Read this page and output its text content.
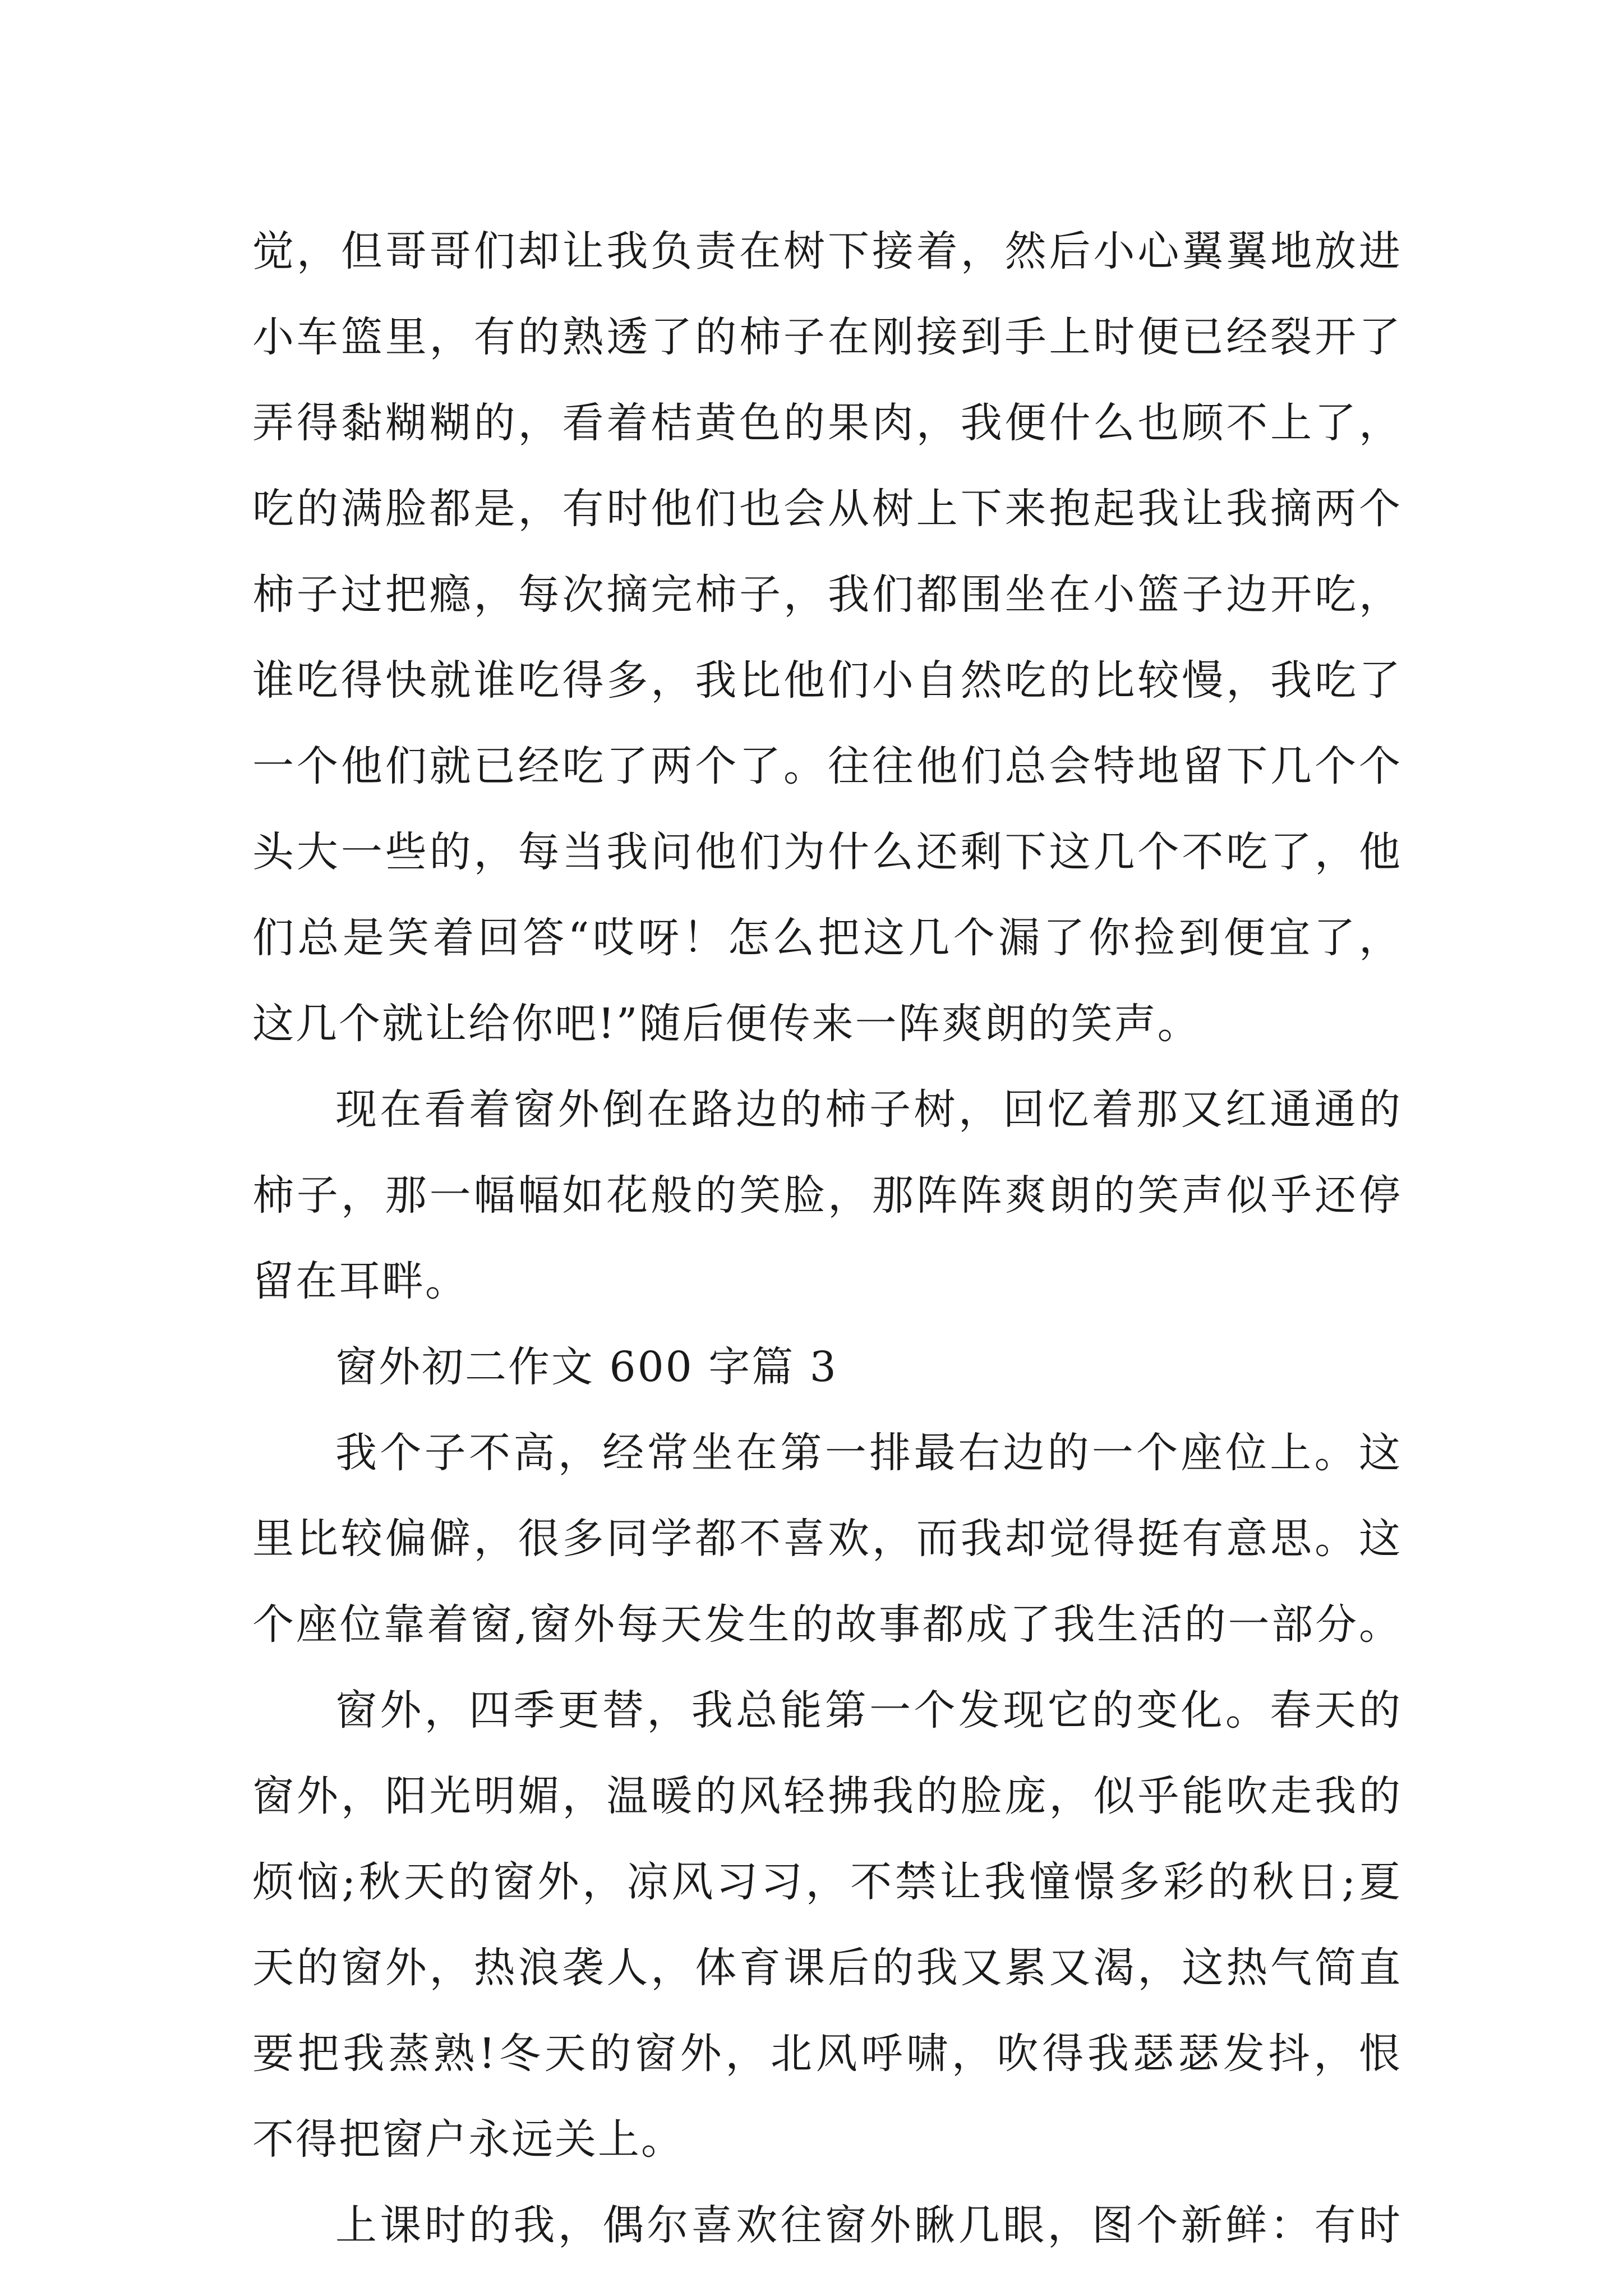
觉，但哥哥们却让我负责在树下接着，然后小心翼翼地放进
小车篮里，有的熟透了的柿子在刚接到手上时便已经裂开了
弄得黏糊糊的，看着桔黄色的果肉，我便什么也顾不上了，
吃的满脸都是，有时他们也会从树上下来抱起我让我摘两个
柿子过把瘾，每次摘完柿子，我们都围坐在小篮子边开吃，
谁吃得快就谁吃得多，我比他们小自然吃的比较慢，我吃了
一个他们就已经吃了两个了。往往他们总会特地留下几个个
头大一些的，每当我问他们为什么还剩下这几个不吃了，他
们总是笑着回答“哎呀！怎么把这几个漏了你捡到便宜了，
这几个就让给你吧!”随后便传来一阵爽朗的笑声。
现在看着窗外倒在路边的柿子树，回忆着那又红通通的
柿子，那一幅幅如花般的笑脸，那阵阵爽朗的笑声似乎还停
留在耳畔。
窗外初二作文 600 字篇 3
我个子不高，经常坐在第一排最右边的一个座位上。这
里比较偏僻，很多同学都不喜欢，而我却觉得挺有意思。这
个座位靠着窗,窗外每天发生的故事都成了我生活的一部分。
窗外，四季更替，我总能第一个发现它的变化。春天的
窗外，阳光明媚，温暖的风轻拂我的脸庞，似乎能吹走我的
烦恼;秋天的窗外，凉风习习，不禁让我憧憬多彩的秋日;夏
天的窗外，热浪袭人，体育课后的我又累又渴，这热气简直
要把我蒸熟!冬天的窗外，北风呼啸，吹得我瑟瑟发抖，恨
不得把窗户永远关上。
上课时的我，偶尔喜欢往窗外瞅几眼，图个新鲜：有时
